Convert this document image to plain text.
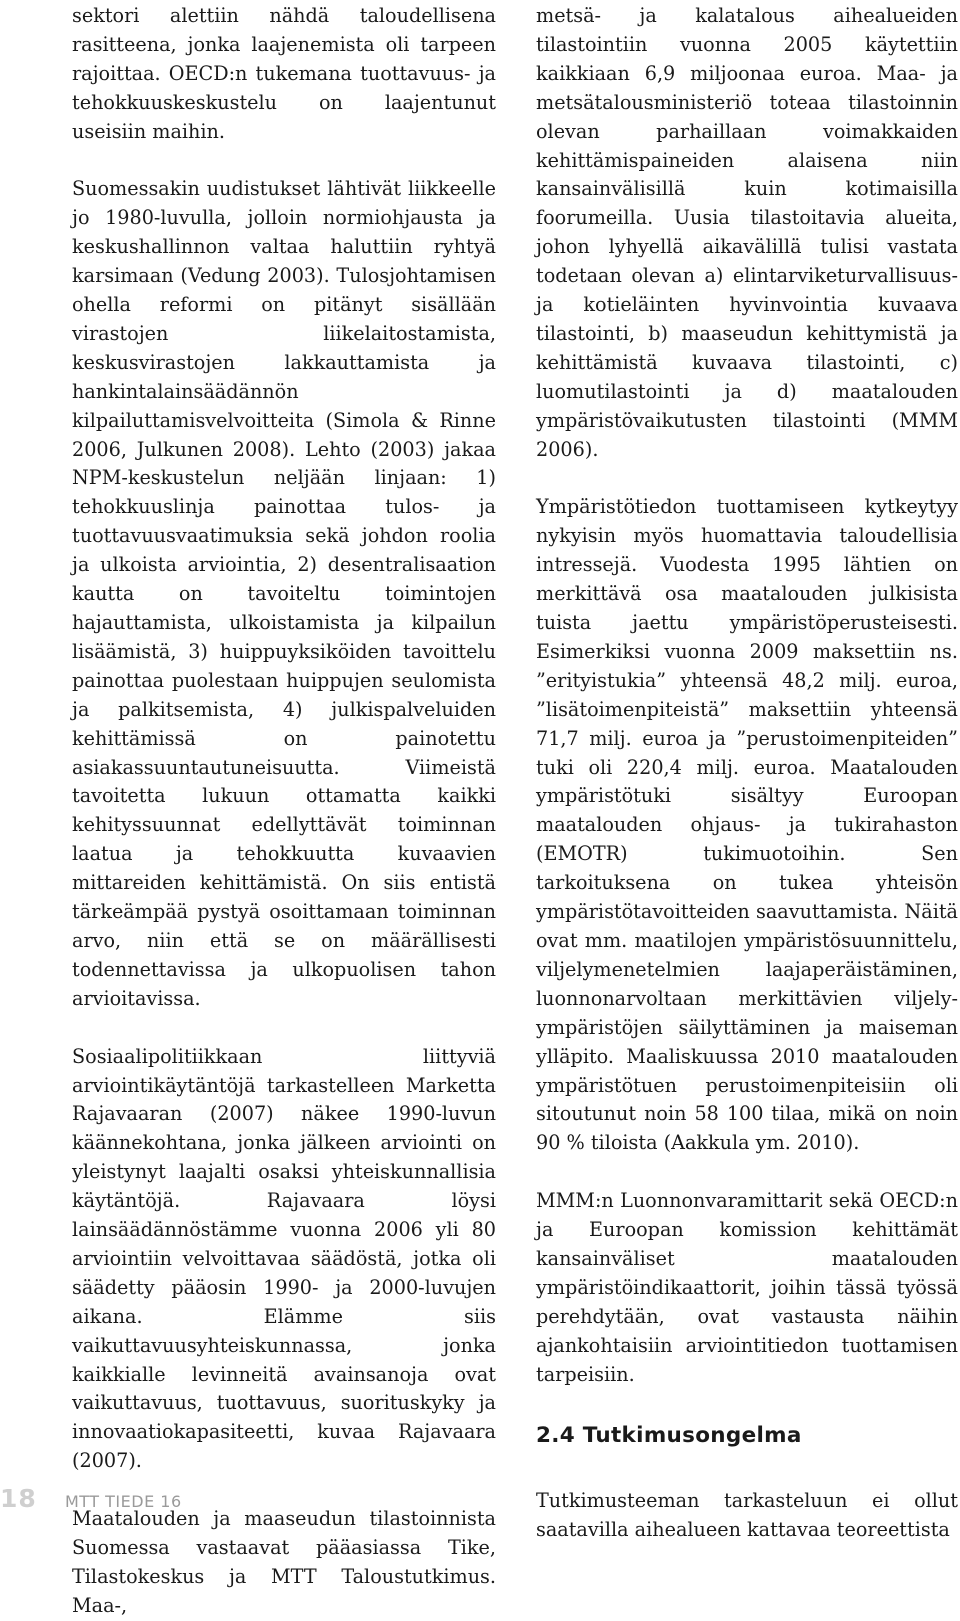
sektori alettiin nähdä taloudellisena rasitteena, jonka laajenemista oli tarpeen rajoittaa. OECD:n tukemana tuottavuus- ja tehokkuuskeskustelu on laajentunut useisiin maihin.

Suomessakin uudistukset lähtivät liikkeelle jo 1980-luvulla, jolloin normiohjausta ja keskushallinnon valtaa haluttiin ryhtyä karsimaan (Vedung 2003). Tulosjohtamisen ohella reformi on pitänyt sisällään virastojen liikelaitostamista, keskusvirastojen lakkauttamista ja hankintalainsäädännön kilpailuttamisvelvoitteita (Simola & Rinne 2006, Julkunen 2008). Lehto (2003) jakaa NPM-keskustelun neljään linjaan: 1) tehokkuuslinja painottaa tulos- ja tuottavuusvaatimuksia sekä johdon roolia ja ulkoista arviointia, 2) desentralisaation kautta on tavoiteltu toimintojen hajauttamista, ulkoistamista ja kilpailun lisäämistä, 3) huippuyksiköiden tavoittelu painottaa puolestaan huippujen seulomista ja palkitsemista, 4) julkispalveluiden kehittämissä on painotettu asiakassuuntautuneisuutta. Viimeistä tavoitetta lukuun ottamatta kaikki kehityssuunnat edellyttävät toiminnan laatua ja tehokkuutta kuvaavien mittareiden kehittämistä. On siis entistä tärkeämpää pystyä osoittamaan toiminnan arvo, niin että se on määrällisesti todennettavissa ja ulkopuolisen tahon arvioitavissa.

Sosiaalipolitiikkaan liittyviä arviointikäytäntöjä tarkastelleen Marketta Rajavaaran (2007) näkee 1990-luvun käännekohtana, jonka jälkeen arviointi on yleistynyt laajalti osaksi yhteiskunnallisia käytäntöjä. Rajavaara löysi lainsäädännöstämme vuonna 2006 yli 80 arviointiin velvoittavaa säädöstä, jotka oli säädetty pääosin 1990- ja 2000-luvujen aikana. Elämme siis vaikuttavuusyhteiskunnassa, jonka kaikkialle levinneitä avainsanoja ovat vaikuttavuus, tuottavuus, suorituskyky ja innovaatiokapasiteetti, kuvaa Rajavaara (2007).

Maatalouden ja maaseudun tilastoinnista Suomessa vastaavat pääasiassa Tike, Tilastokeskus ja MTT Taloustutkimus. Maa-,

metsä- ja kalatalous aihealueiden tilastointiin vuonna 2005 käytettiin kaikkiaan 6,9 miljoonaa euroa. Maa- ja metsätalousministeriö toteaa tilastoinnin olevan parhaillaan voimakkaiden kehittämispaineiden alaisena niin kansainvälisillä kuin kotimaisilla foorumeilla. Uusia tilastoitavia alueita, johon lyhyellä aikavälillä tulisi vastata todetaan olevan a) elintarviketurvallisuus- ja kotieläinten hyvinvointia kuvaava tilastointi, b) maaseudun kehittymistä ja kehittämistä kuvaava tilastointi, c) luomutilastointi ja d) maatalouden ympäristövaikutusten tilastointi (MMM 2006).

Ympäristötiedon tuottamiseen kytkeytyy nykyisin myös huomattavia taloudellisia intressejä. Vuodesta 1995 lähtien on merkittävä osa maatalouden julkisista tuista jaettu ympäristöperusteisesti. Esimerkiksi vuonna 2009 maksettiin ns. ”erityistukia” yhteensä 48,2 milj. euroa, ”lisätoimenpiteistä” maksettiin yhteensä 71,7 milj. euroa ja ”perustoimenpiteiden” tuki oli 220,4 milj. euroa. Maatalouden ympäristötuki sisältyy Euroopan maatalouden ohjaus- ja tukirahaston (EMOTR) tukimuotoihin. Sen tarkoituksena on tukea yhteisön ympäristötavoitteiden saavuttamista. Näitä ovat mm. maatilojen ympäristösuunnittelu, viljelymenetelmien laajaperäistäminen, luonnonarvoltaan merkittävien viljely-ympäristöjen säilyttäminen ja maiseman ylläpito. Maaliskuussa 2010 maatalouden ympäristötuen perustoimenpiteisiin oli sitoutunut noin 58 100 tilaa, mikä on noin 90 % tiloista (Aakkula ym. 2010).

MMM:n Luonnonvaramittarit sekä OECD:n ja Euroopan komission kehittämät kansainväliset maatalouden ympäristöindikaattorit, joihin tässä työssä perehdytään, ovat vastausta näihin ajankohtaisiin arviointitiedon tuottamisen tarpeisiin.

2.4 Tutkimusongelma

Tutkimusteeman tarkasteluun ei ollut saatavilla aihealueen kattavaa teoreettista

18 MTT TIEDE 16
